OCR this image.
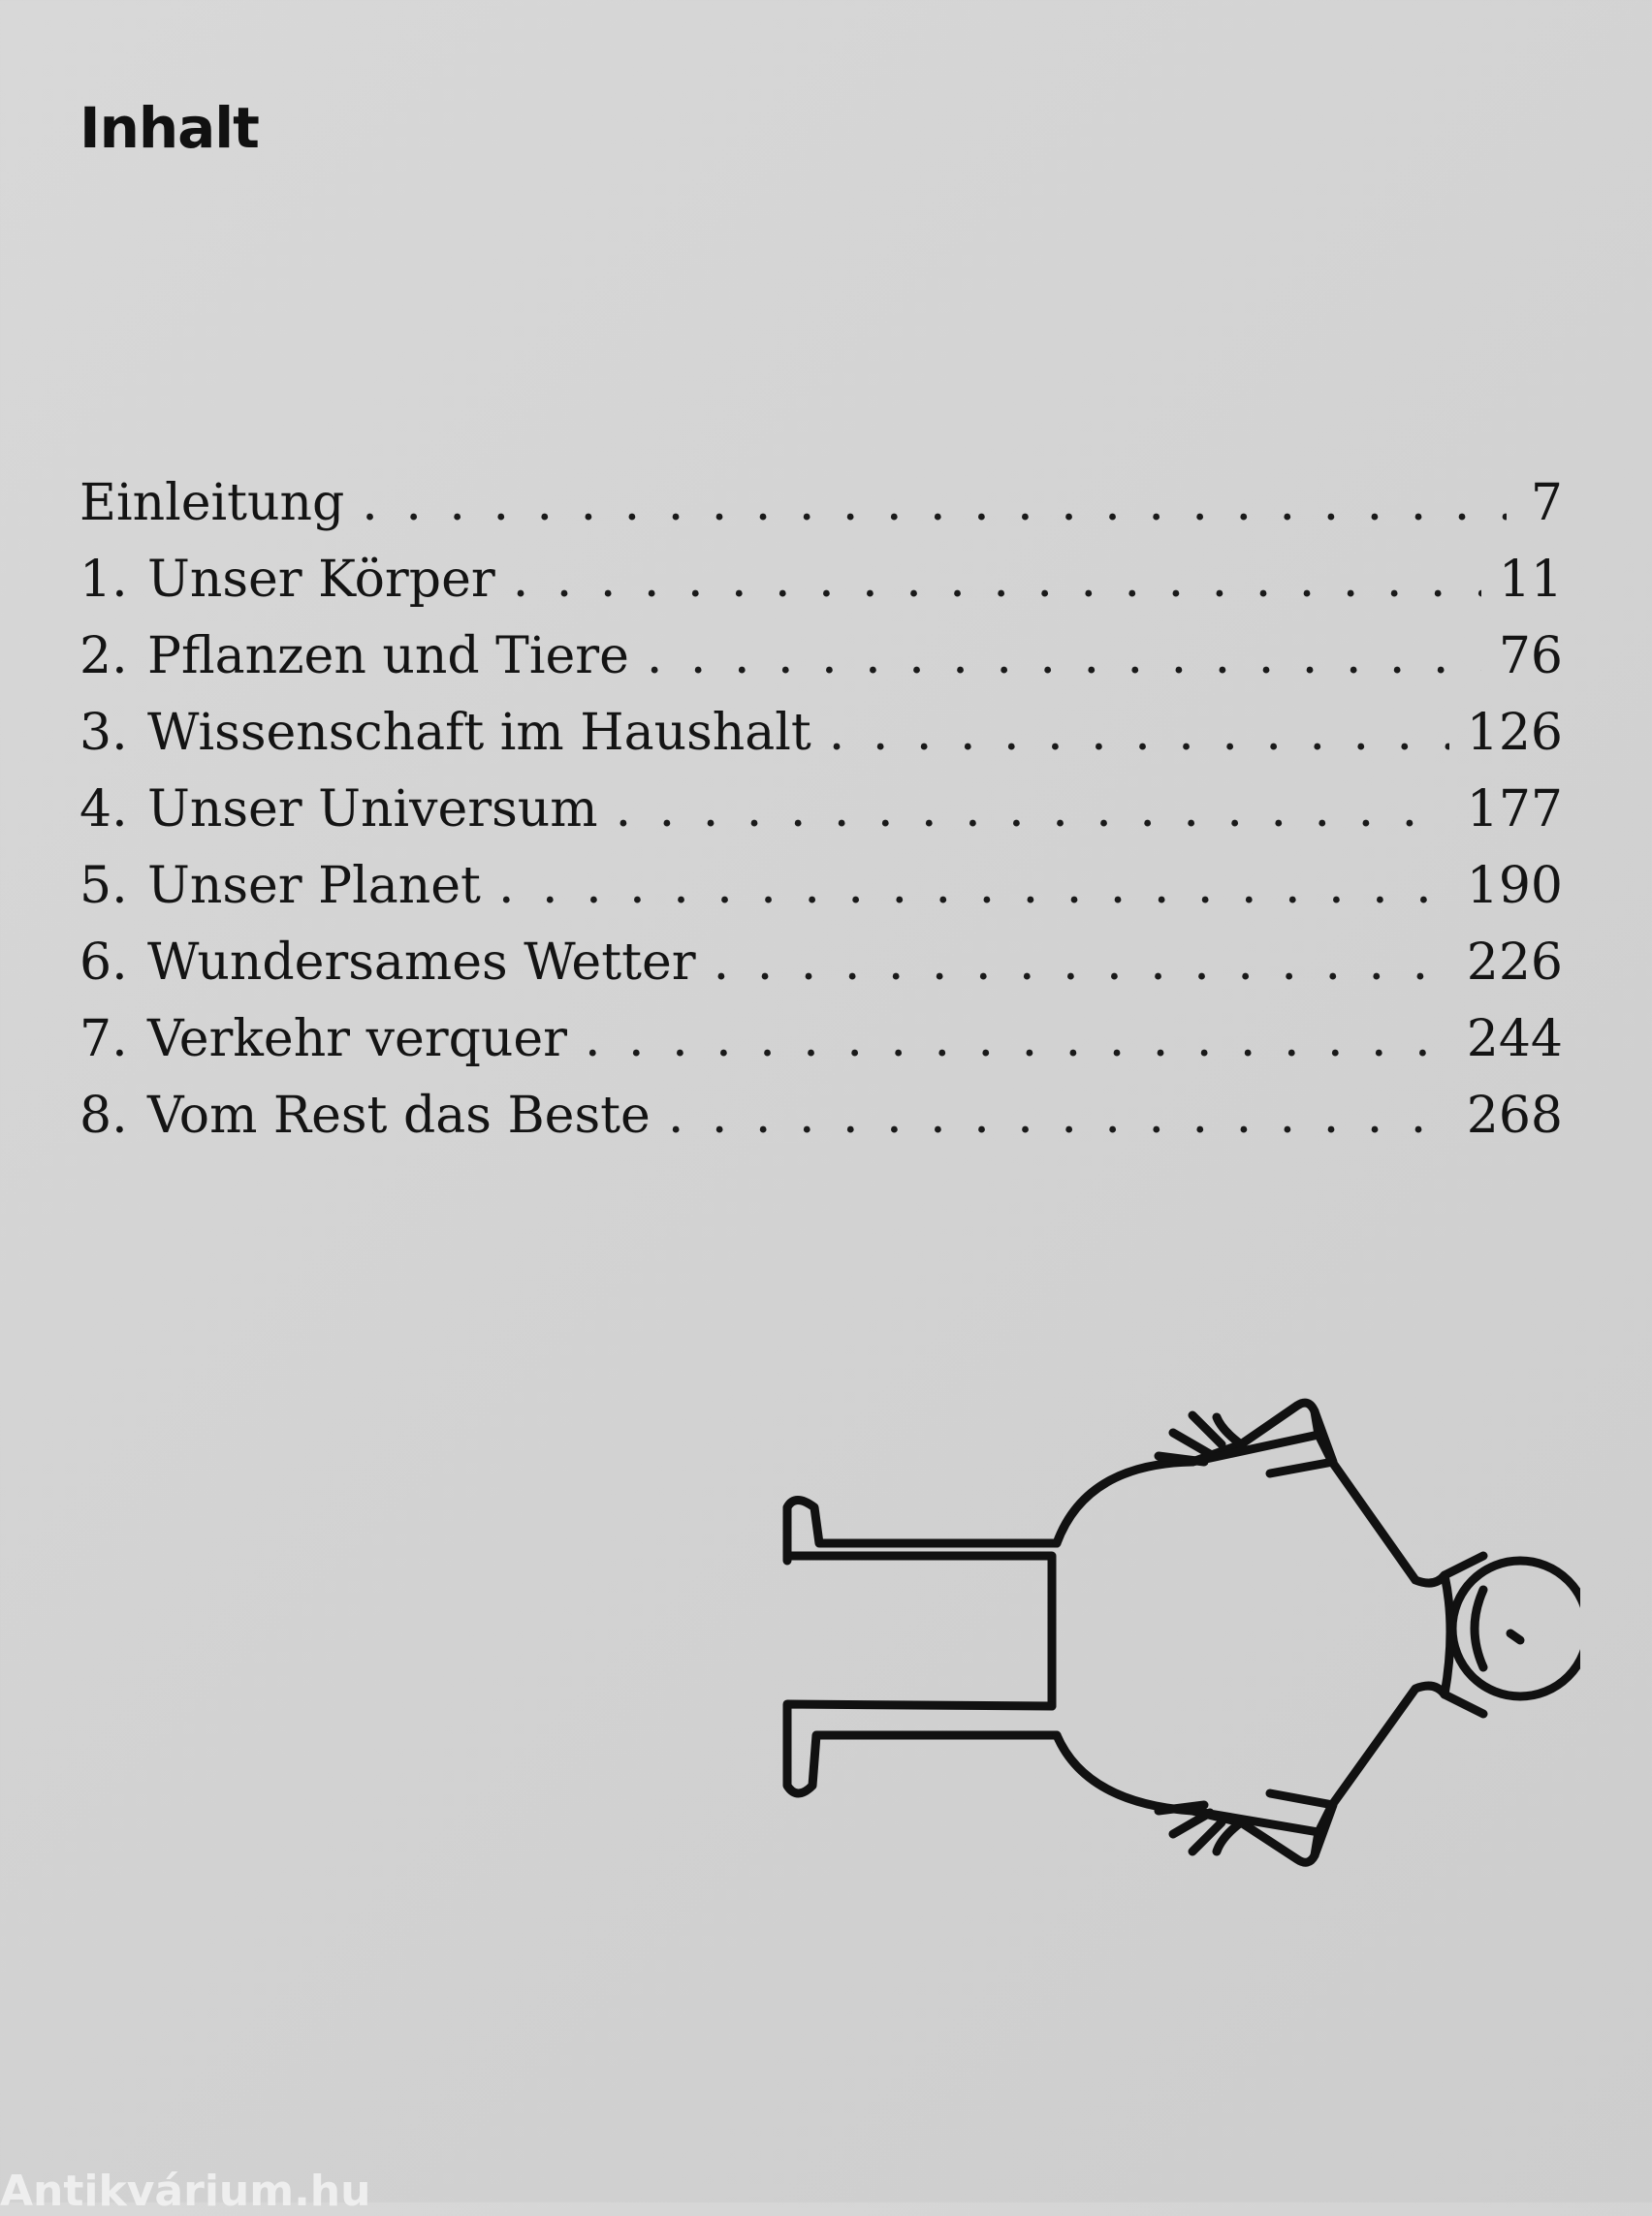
Inhalt
Einleitung . . .	7
1. Unser Körper . . .	11
2. Pflanzen und Tiere . . .	76
3. Wissenschaft im Haushalt . . .	126
4. Unser Universum . . .	177
5. Unser Planet . . .	190
6. Wundersames Wetter . . .	226
7. Verkehr verquer . . .	244
8. Vom Rest das Beste . . .	268

Antikvárium.hu
